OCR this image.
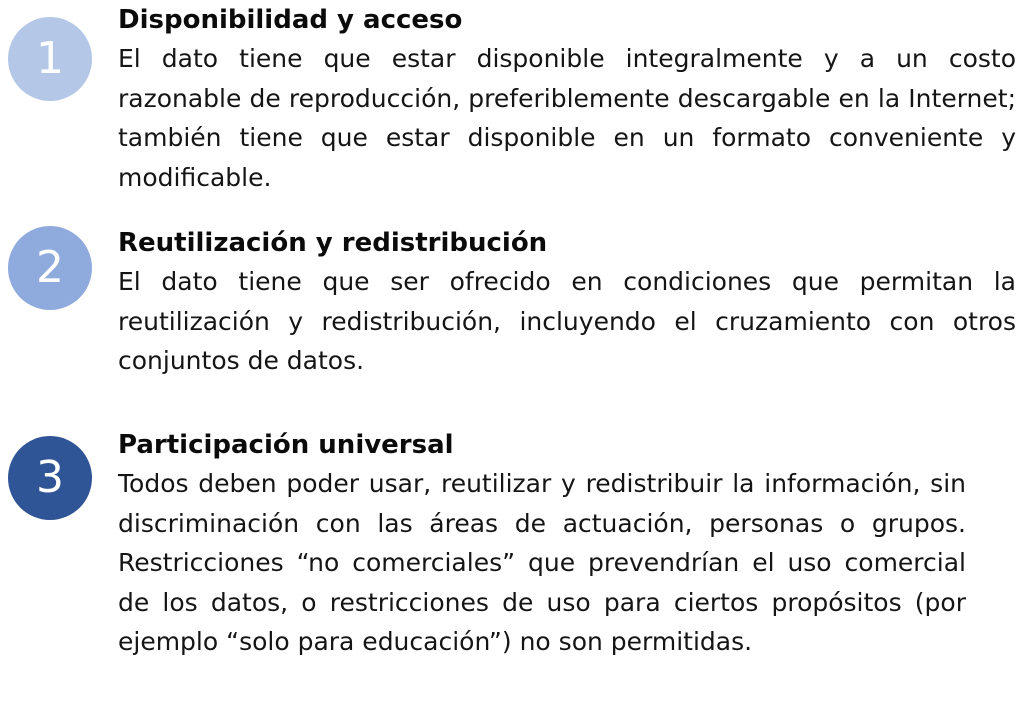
1
Disponibilidad y acceso

El dato tiene que estar disponible integralmente y a un costo razonable de reproducción, preferiblemente descargable en la Internet; también tiene que estar disponible en un formato conveniente y modificable.

2	Reutilización y redistribución

El dato tiene que ser ofrecido en condiciones que permitan la reutilización y redistribución, incluyendo el cruzamiento con otros conjuntos de datos.

3
Participación universal

Todos deben poder usar, reutilizar y redistribuir la información, sin discriminación con las áreas de actuación, personas o grupos. Restricciones “no comerciales” que prevendrían el uso comercial de los datos, o restricciones de uso para ciertos propósitos (por ejemplo “solo para educación”) no son permitidas.
